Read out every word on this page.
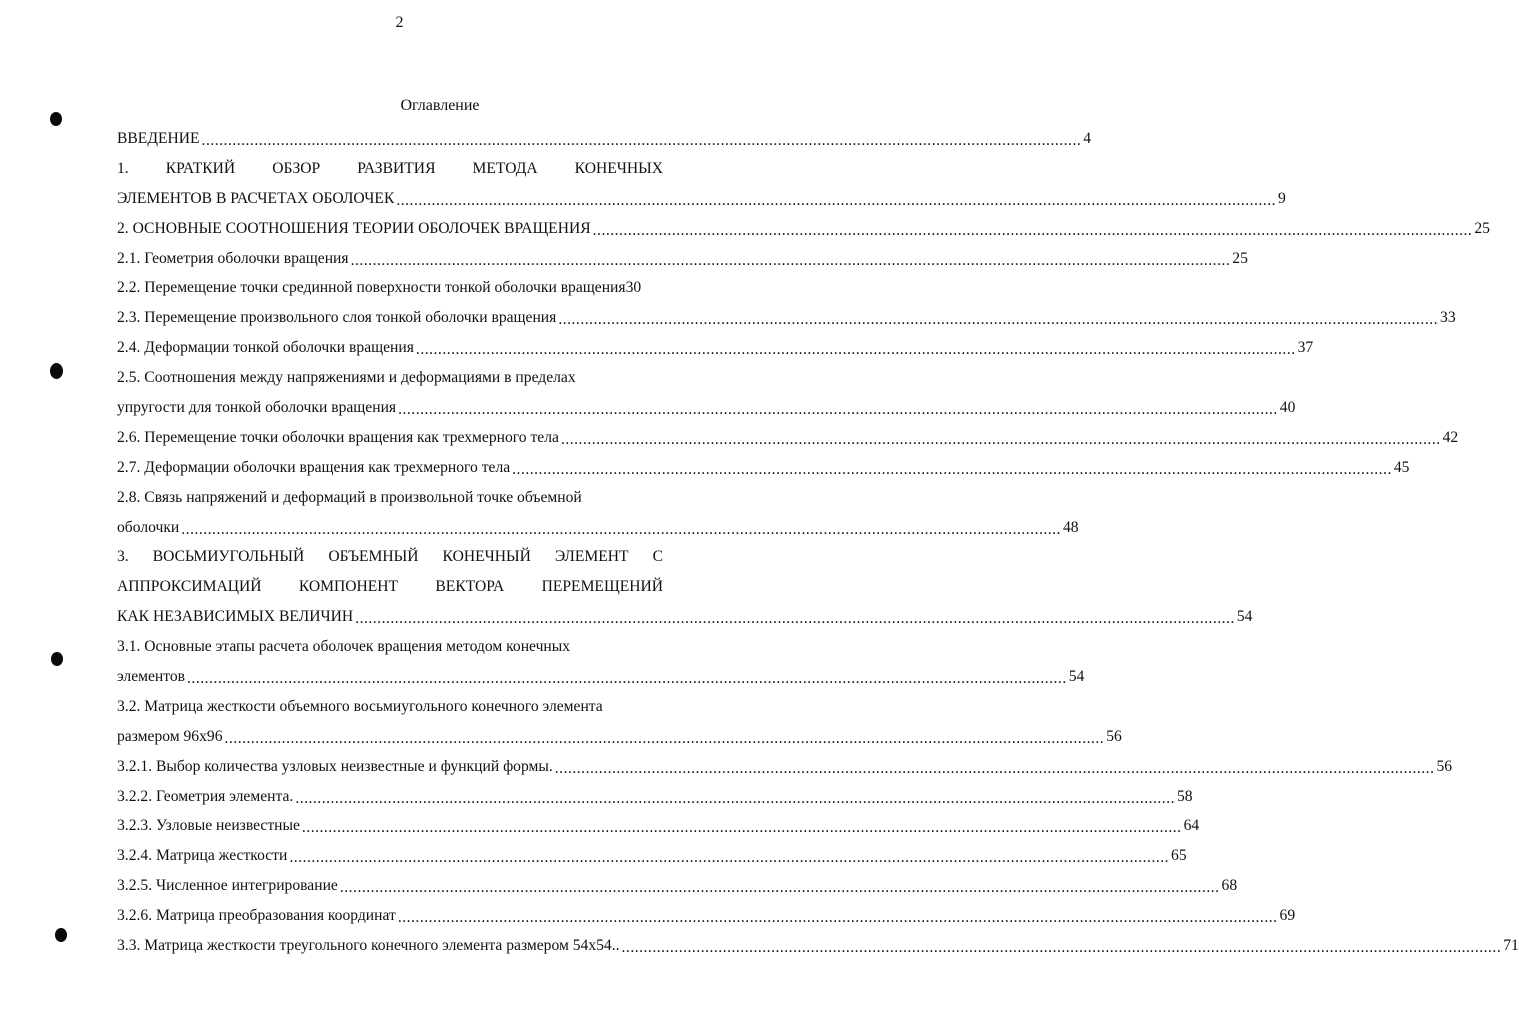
2
Оглавление
ВВЕДЕНИЕ ........................................................................................................................................................................................................ 4
1. КРАТКИЙ ОБЗОР РАЗВИТИЯ МЕТОДА КОНЕЧНЫХ
ЭЛЕМЕНТОВ В РАСЧЕТАХ ОБОЛОЧЕК ........................................................................................................................................................................................................ 9
2. ОСНОВНЫЕ СООТНОШЕНИЯ ТЕОРИИ ОБОЛОЧЕК ВРАЩЕНИЯ ........................................................................................................................................................................................................ 25
2.1. Геометрия оболочки вращения ........................................................................................................................................................................................................ 25
2.2. Перемещение точки срединной поверхности тонкой оболочки вращения30
2.3. Перемещение произвольного слоя тонкой оболочки вращения ........................................................................................................................................................................................................ 33
2.4. Деформации тонкой оболочки вращения ........................................................................................................................................................................................................ 37
2.5. Соотношения между напряжениями и деформациями в пределах
упругости для тонкой оболочки вращения ........................................................................................................................................................................................................ 40
2.6. Перемещение точки оболочки вращения как трехмерного тела ........................................................................................................................................................................................................ 42
2.7. Деформации оболочки вращения как трехмерного тела ........................................................................................................................................................................................................ 45
2.8. Связь напряжений и деформаций в произвольной точке объемной
оболочки ........................................................................................................................................................................................................ 48
3. ВОСЬМИУГОЛЬНЫЙ ОБЪЕМНЫЙ КОНЕЧНЫЙ ЭЛЕМЕНТ С
АППРОКСИМАЦИЙ КОМПОНЕНТ ВЕКТОРА ПЕРЕМЕЩЕНИЙ
КАК НЕЗАВИСИМЫХ ВЕЛИЧИН ........................................................................................................................................................................................................ 54
3.1. Основные этапы расчета оболочек вращения методом конечных
элементов ........................................................................................................................................................................................................ 54
3.2. Матрица жесткости объемного восьмиугольного конечного элемента
размером 96х96 ........................................................................................................................................................................................................ 56
3.2.1. Выбор количества узловых неизвестные и функций формы. ........................................................................................................................................................................................................ 56
3.2.2. Геометрия элемента. ........................................................................................................................................................................................................ 58
3.2.3. Узловые неизвестные ........................................................................................................................................................................................................ 64
3.2.4. Матрица жесткости ........................................................................................................................................................................................................ 65
3.2.5. Численное интегрирование ........................................................................................................................................................................................................ 68
3.2.6. Матрица преобразования координат ........................................................................................................................................................................................................ 69
3.3. Матрица жесткости треугольного конечного элемента размером 54х54.. ........................................................................................................................................................................................................ 71
